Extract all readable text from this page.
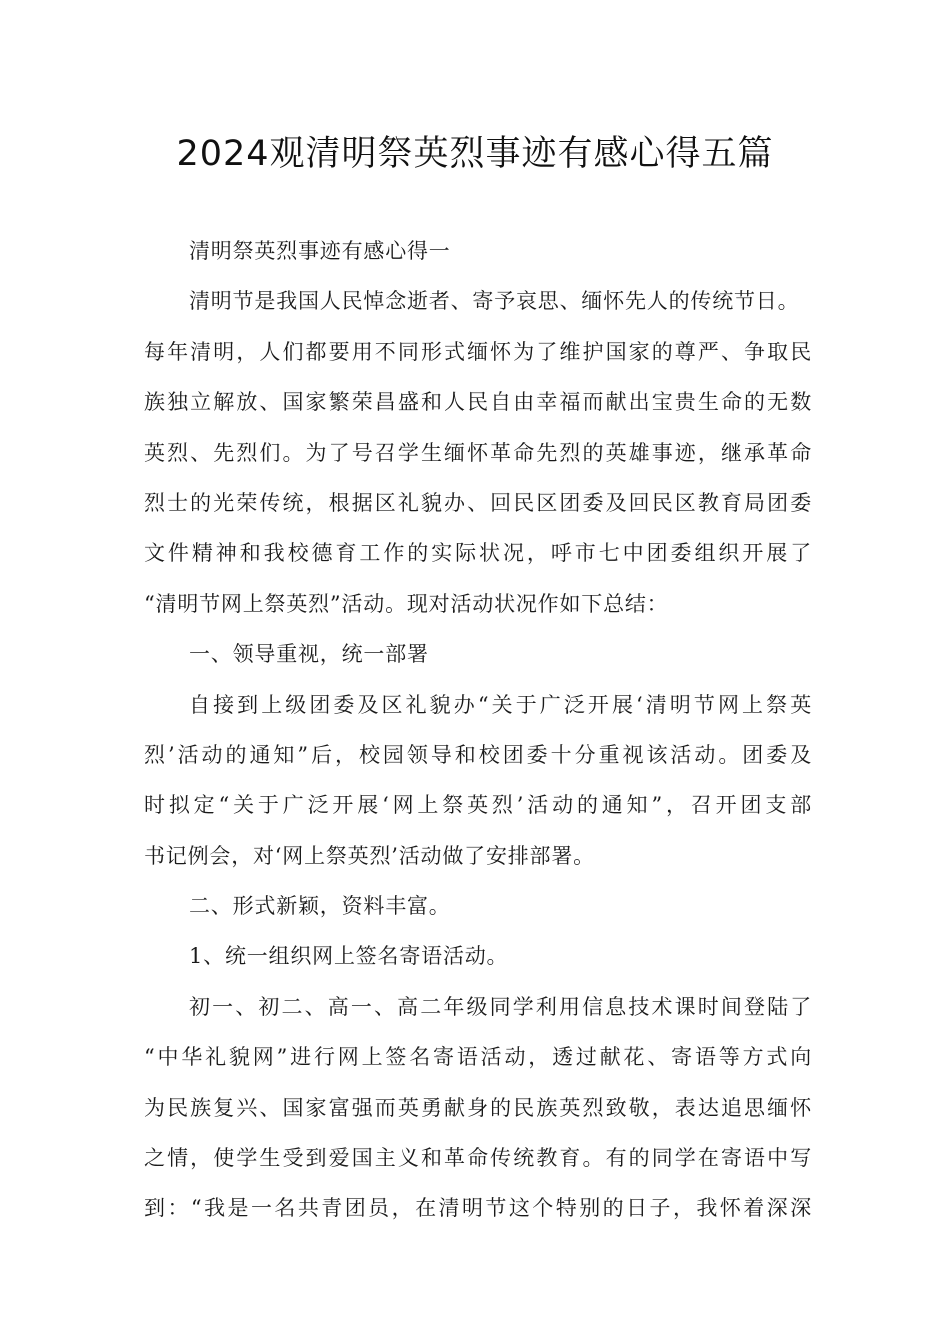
2024观清明祭英烈事迹有感心得五篇
清明祭英烈事迹有感心得一
清明节是我国人民悼念逝者、寄予哀思、缅怀先人的传统节日。
每年清明，人们都要用不同形式缅怀为了维护国家的尊严、争取民
族独立解放、国家繁荣昌盛和人民自由幸福而献出宝贵生命的无数
英烈、先烈们。为了号召学生缅怀革命先烈的英雄事迹，继承革命
烈士的光荣传统，根据区礼貌办、回民区团委及回民区教育局团委
文件精神和我校德育工作的实际状况，呼市七中团委组织开展了
“清明节网上祭英烈”活动。现对活动状况作如下总结：
一、领导重视，统一部署
自接到上级团委及区礼貌办“关于广泛开展‘清明节网上祭英
烈’活动的通知”后，校园领导和校团委十分重视该活动。团委及
时拟定“关于广泛开展‘网上祭英烈’活动的通知”，召开团支部
书记例会，对‘网上祭英烈’活动做了安排部署。
二、形式新颖，资料丰富。
1、统一组织网上签名寄语活动。
初一、初二、高一、高二年级同学利用信息技术课时间登陆了
“中华礼貌网”进行网上签名寄语活动，透过献花、寄语等方式向
为民族复兴、国家富强而英勇献身的民族英烈致敬，表达追思缅怀
之情，使学生受到爱国主义和革命传统教育。有的同学在寄语中写
到：“我是一名共青团员，在清明节这个特别的日子，我怀着深深
